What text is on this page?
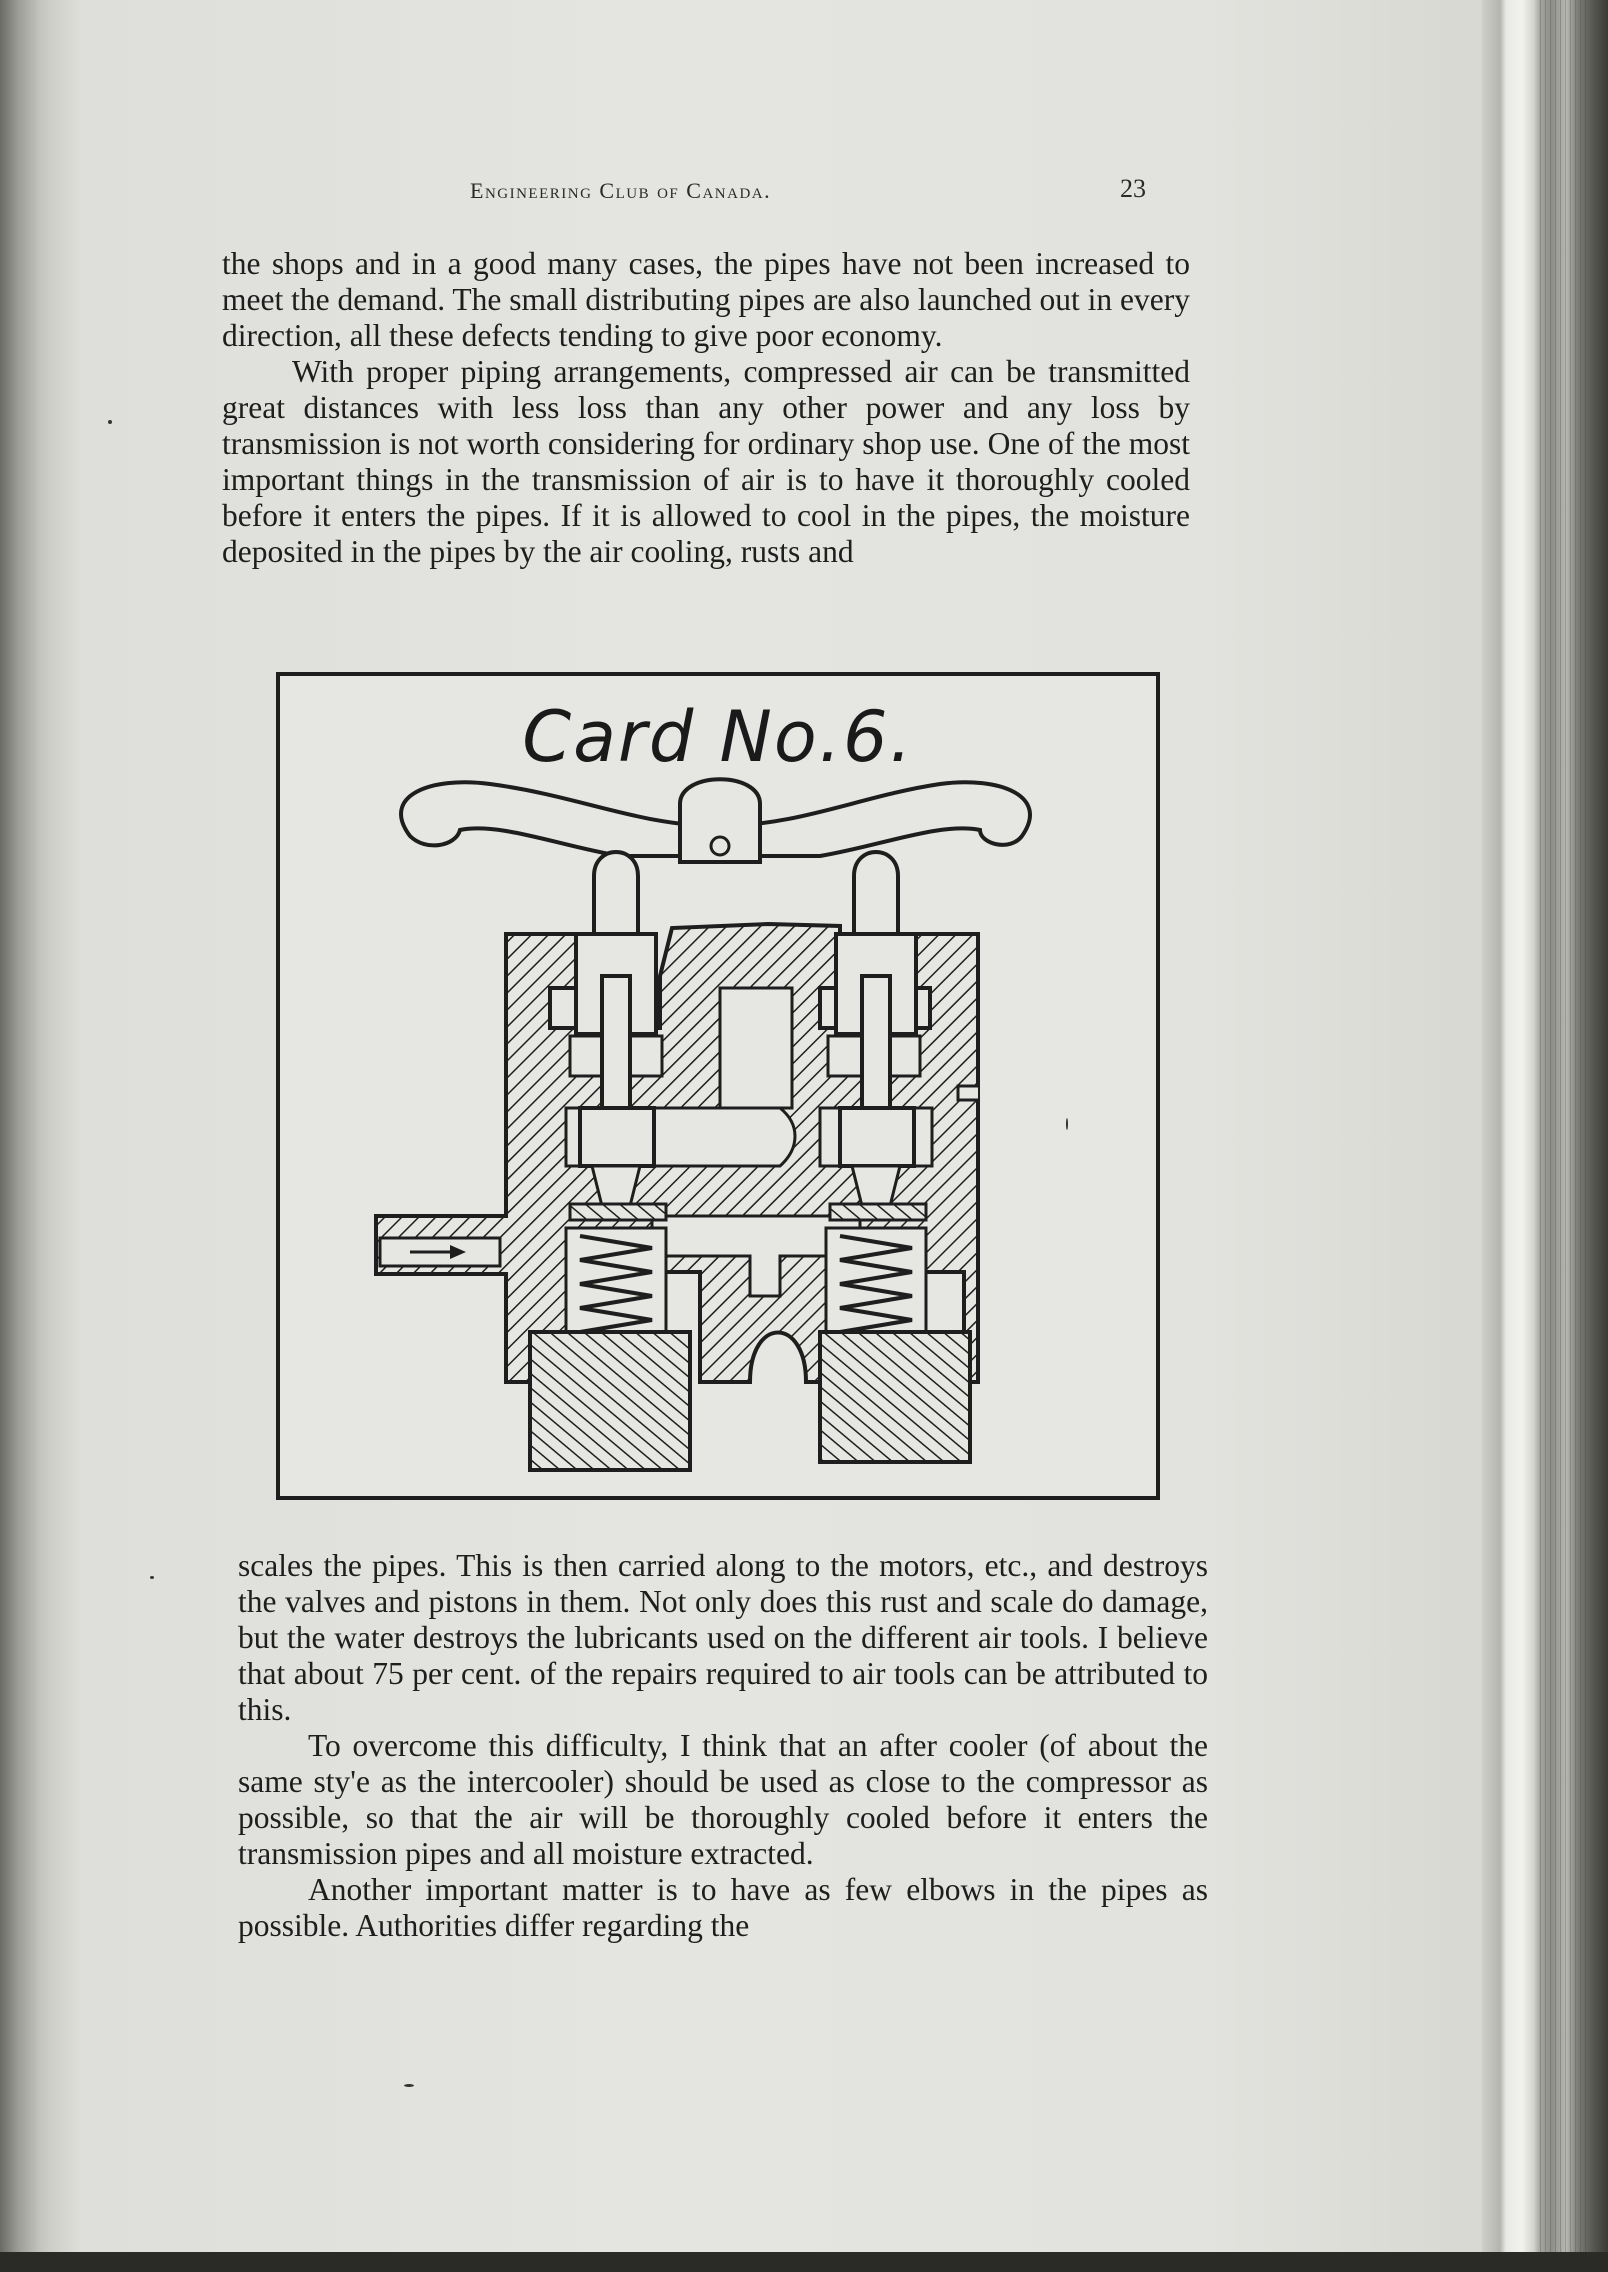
Engineering Club of Canada.	23

the shops and in a good many cases, the pipes have not been increased to meet the demand. The small distributing pipes are also launched out in every direction, all these defects tending to give poor economy.

With proper piping arrangements, compressed air can be transmitted great distances with less loss than any other power and any loss by transmission is not worth considering for ordinary shop use. One of the most important things in the transmission of air is to have it thoroughly cooled before it enters the pipes. If it is allowed to cool in the pipes, the moisture deposited in the pipes by the air cooling, rusts and

Card No.6.

scales the pipes. This is then carried along to the motors, etc., and destroys the valves and pistons in them. Not only does this rust and scale do damage, but the water destroys the lubricants used on the different air tools. I believe that about 75 per cent. of the repairs required to air tools can be attributed to this.

To overcome this difficulty, I think that an after cooler (of about the same sty'e as the intercooler) should be used as close to the compressor as possible, so that the air will be thoroughly cooled before it enters the transmission pipes and all moisture extracted.

Another important matter is to have as few elbows in the pipes as possible. Authorities differ regarding the
